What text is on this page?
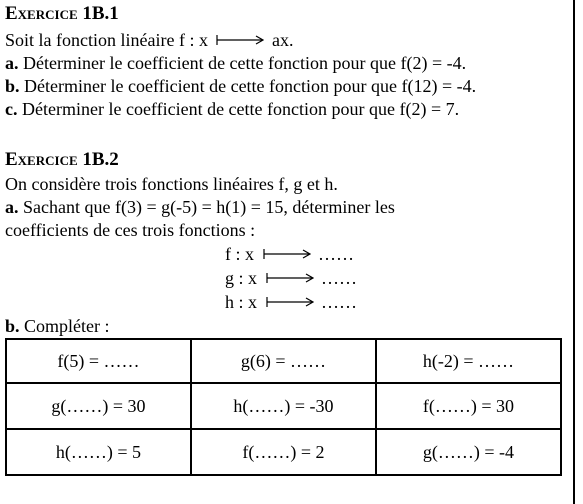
Exercice 1B.1
Soit la fonction linéaire f : x	ax.
a. Déterminer le coefficient de cette fonction pour que f(2) = -4.
b. Déterminer le coefficient de cette fonction pour que f(12) = -4.
c. Déterminer le coefficient de cette fonction pour que f(2) = 7.
Exercice 1B.2
On considère trois fonctions linéaires f, g et h.
a. Sachant que f(3) = g(-5) = h(1) = 15, déterminer les
coefficients de ces trois fonctions :
f : x	……
g : x	……
h : x	……
b. Compléter :
f(5) = ……	g(6) = ……	h(-2) = ……
g(……) = 30	h(……) = -30	f(……) = 30
h(……) = 5	f(……) = 2	g(……) = -4
